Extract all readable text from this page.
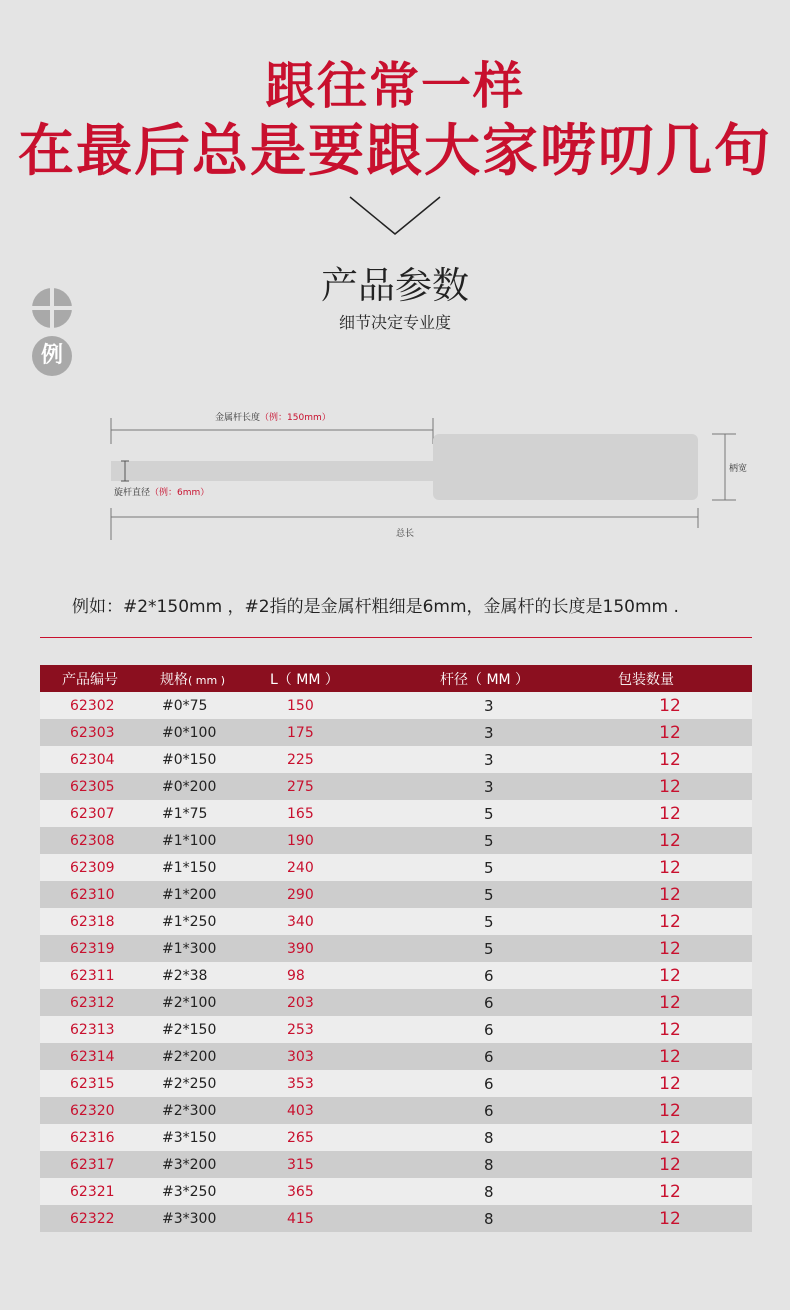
跟往常一样
在最后总是要跟大家唠叨几句
产品参数
细节决定专业度
例
金属杆长度（例：150mm）
旋杆直径（例：6mm）
柄宽
总长
例如：#2*150mm ，#2指的是金属杆粗细是6mm，金属杆的长度是150mm .
产品编号	规格( mm )	L（ MM ）	杆径（ MM ）	包装数量
62302	#0*75	150	3	12
62303	#0*100	175	3	12
62304	#0*150	225	3	12
62305	#0*200	275	3	12
62307	#1*75	165	5	12
62308	#1*100	190	5	12
62309	#1*150	240	5	12
62310	#1*200	290	5	12
62318	#1*250	340	5	12
62319	#1*300	390	5	12
62311	#2*38	98	6	12
62312	#2*100	203	6	12
62313	#2*150	253	6	12
62314	#2*200	303	6	12
62315	#2*250	353	6	12
62320	#2*300	403	6	12
62316	#3*150	265	8	12
62317	#3*200	315	8	12
62321	#3*250	365	8	12
62322	#3*300	415	8	12
